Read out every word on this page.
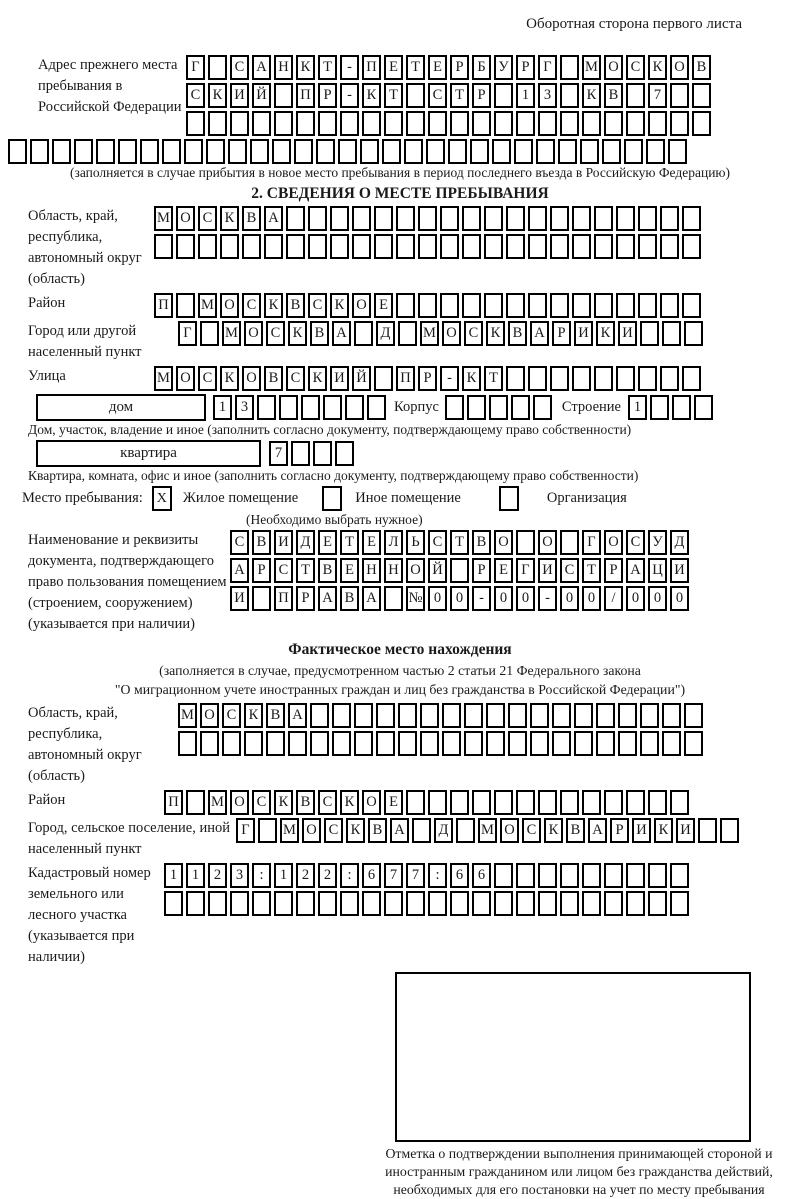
Оборотная сторона первого листа
Адрес прежнего места пребывания в Российской Федерации
Г	С А Н К Т	- П Е Т Е Р Б У Р Г	М О С К О В
С К И Й П Р	-	К Т	С Т Р	1	3	К В	7
(заполняется в случае прибытия в новое место пребывания в период последнего въезда в Российскую Федерацию)
2. СВЕДЕНИЯ О МЕСТЕ ПРЕБЫВАНИЯ
Область, край, республика, автономный округ (область)
М О С К В А
Район	П М О С К В С К О Е
Город или другой населенный пункт
Г	М О С К В А	Д	М О С К В А Р И К И
Улица	М О С К О В С К И Й П Р	-	К Т
дом	1	3	Корпус	Строение 1
Дом, участок, владение и иное (заполнить согласно документу, подтверждающему право собственности)
квартира	7
Квартира, комната, офис и иное (заполнить согласно документу, подтверждающему право собственности)
Место пребывания: X	Жилое помещение	Иное помещение	Организация
(Необходимо выбрать нужное)
Наименование и реквизиты документа, подтверждающего право пользования помещением (строением, сооружением) (указывается при наличии)
С В И Д Е Т Е Л Ь С Т В О О	Г О С У Д
А Р С Т В Е Н Н О Й	Р Е Г И С Т Р А Ц И
И П Р А В А № 0	0	-	0	0	-	0	0	/	0	0	0
Фактическое место нахождения
(заполняется в случае, предусмотренном частью 2 статьи 21 Федерального закона
"О миграционном учете иностранных граждан и лиц без гражданства в Российской Федерации")
Область, край, республика, автономный округ (область)
М О С К В А
Район	П М О С К В С К О Е
Город, сельское поселение, иной населенный пункт
Г	М О С К В А	Д	М О С К В А Р И К И
Кадастровый номер земельного или лесного участка (указывается при наличии)
1	1	2	3	:	1	2	2	:	6	7	7	:	6	6
Отметка о подтверждении выполнения принимающей стороной и иностранным гражданином или лицом без гражданства действий, необходимых для его постановки на учет по месту пребывания
